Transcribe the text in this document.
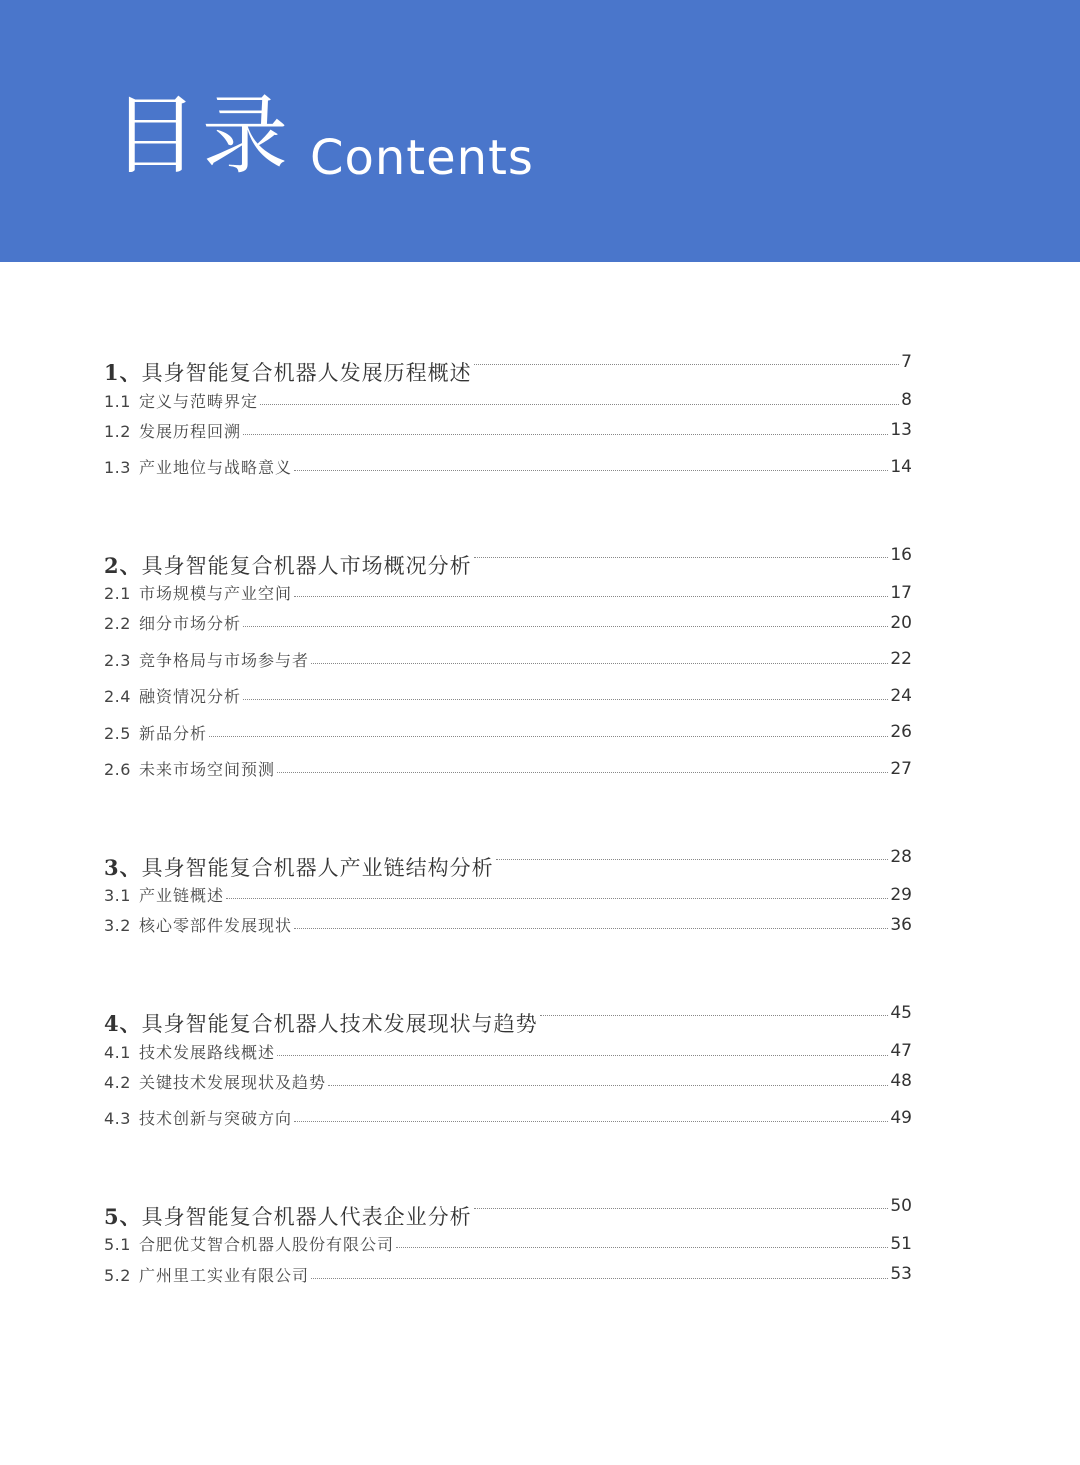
目录 Contents
1、具身智能复合机器人发展历程概述	7
1.1 定义与范畴界定	8
1.2 发展历程回溯	13
1.3 产业地位与战略意义	14
2、具身智能复合机器人市场概况分析	16
2.1 市场规模与产业空间	17
2.2 细分市场分析	20
2.3 竞争格局与市场参与者	22
2.4 融资情况分析	24
2.5 新品分析	26
2.6 未来市场空间预测	27
3、具身智能复合机器人产业链结构分析	28
3.1 产业链概述	29
3.2 核心零部件发展现状	36
4、具身智能复合机器人技术发展现状与趋势	45
4.1 技术发展路线概述	47
4.2 关键技术发展现状及趋势	48
4.3 技术创新与突破方向	49
5、具身智能复合机器人代表企业分析	50
5.1 合肥优艾智合机器人股份有限公司	51
5.2 广州里工实业有限公司	53
